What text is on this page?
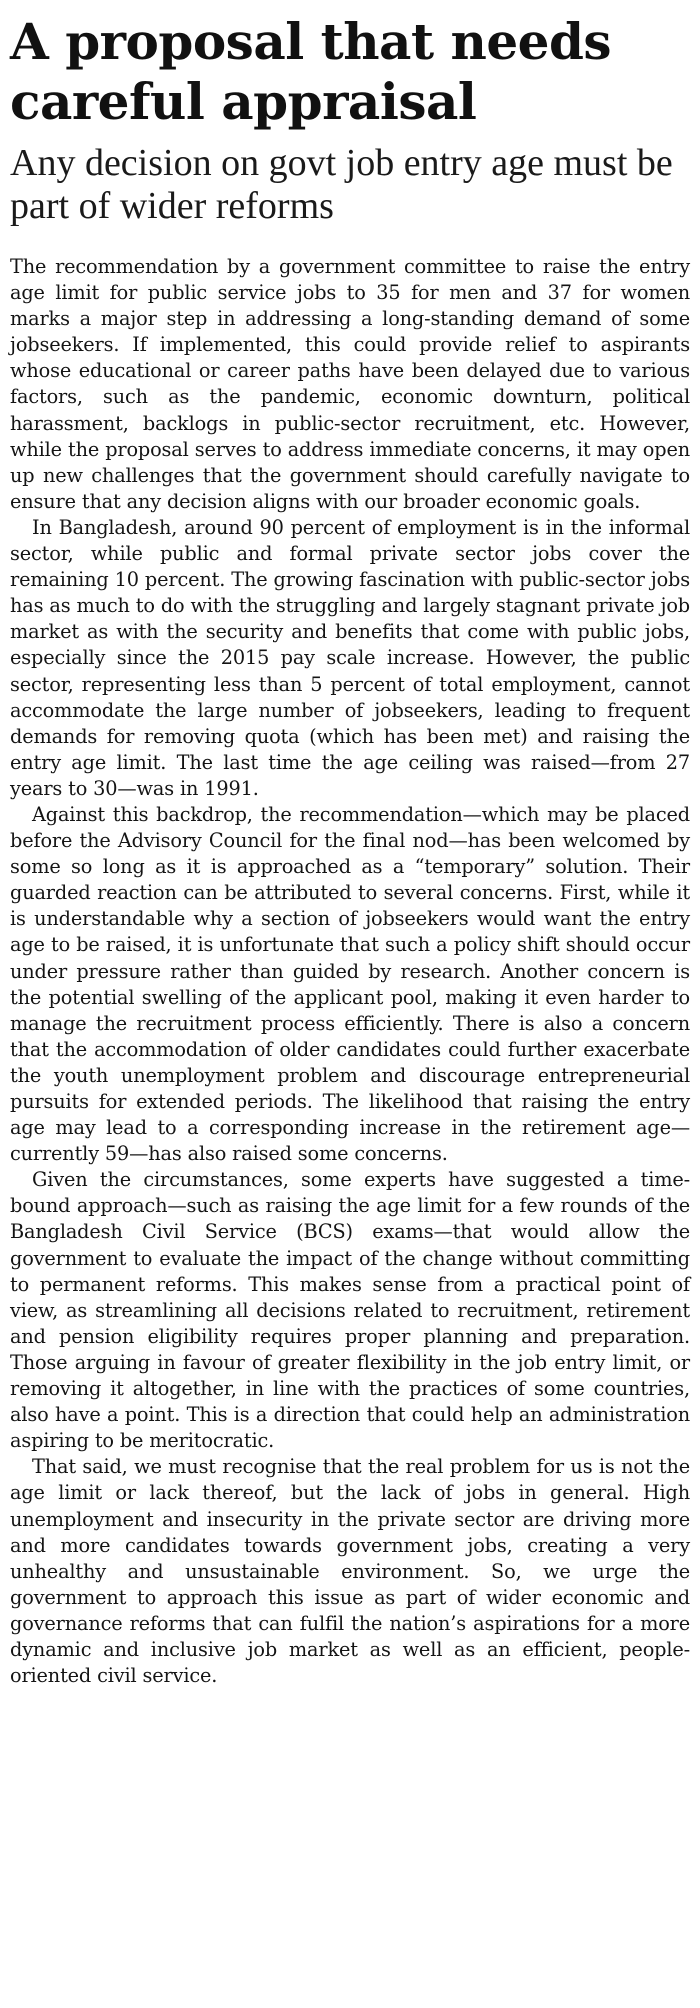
A proposal that needs careful appraisal
Any decision on govt job entry age must be part of wider reforms

The recommendation by a government committee to raise the entry age limit for public service jobs to 35 for men and 37 for women marks a major step in addressing a long-standing demand of some jobseekers. If implemented, this could provide relief to aspirants whose educational or career paths have been delayed due to various factors, such as the pandemic, economic downturn, political harassment, backlogs in public-sector recruitment, etc. However, while the proposal serves to address immediate concerns, it may open up new challenges that the government should carefully navigate to ensure that any decision aligns with our broader economic goals.

In Bangladesh, around 90 percent of employment is in the informal sector, while public and formal private sector jobs cover the remaining 10 percent. The growing fascination with public-sector jobs has as much to do with the struggling and largely stagnant private job market as with the security and benefits that come with public jobs, especially since the 2015 pay scale increase. However, the public sector, representing less than 5 percent of total employment, cannot accommodate the large number of jobseekers, leading to frequent demands for removing quota (which has been met) and raising the entry age limit. The last time the age ceiling was raised—from 27 years to 30—was in 1991.

Against this backdrop, the recommendation—which may be placed before the Advisory Council for the final nod—has been welcomed by some so long as it is approached as a “temporary” solution. Their guarded reaction can be attributed to several concerns. First, while it is understandable why a section of jobseekers would want the entry age to be raised, it is unfortunate that such a policy shift should occur under pressure rather than guided by research. Another concern is the potential swelling of the applicant pool, making it even harder to manage the recruitment process efficiently. There is also a concern that the accommodation of older candidates could further exacerbate the youth unemployment problem and discourage entrepreneurial pursuits for extended periods. The likelihood that raising the entry age may lead to a corresponding increase in the retirement age—currently 59—has also raised some concerns.

Given the circumstances, some experts have suggested a time-bound approach—such as raising the age limit for a few rounds of the Bangladesh Civil Service (BCS) exams—that would allow the government to evaluate the impact of the change without committing to permanent reforms. This makes sense from a practical point of view, as streamlining all decisions related to recruitment, retirement and pension eligibility requires proper planning and preparation. Those arguing in favour of greater flexibility in the job entry limit, or removing it altogether, in line with the practices of some countries, also have a point. This is a direction that could help an administration aspiring to be meritocratic.

That said, we must recognise that the real problem for us is not the age limit or lack thereof, but the lack of jobs in general. High unemployment and insecurity in the private sector are driving more and more candidates towards government jobs, creating a very unhealthy and unsustainable environment. So, we urge the government to approach this issue as part of wider economic and governance reforms that can fulfil the nation’s aspirations for a more dynamic and inclusive job market as well as an efficient, people-oriented civil service.
